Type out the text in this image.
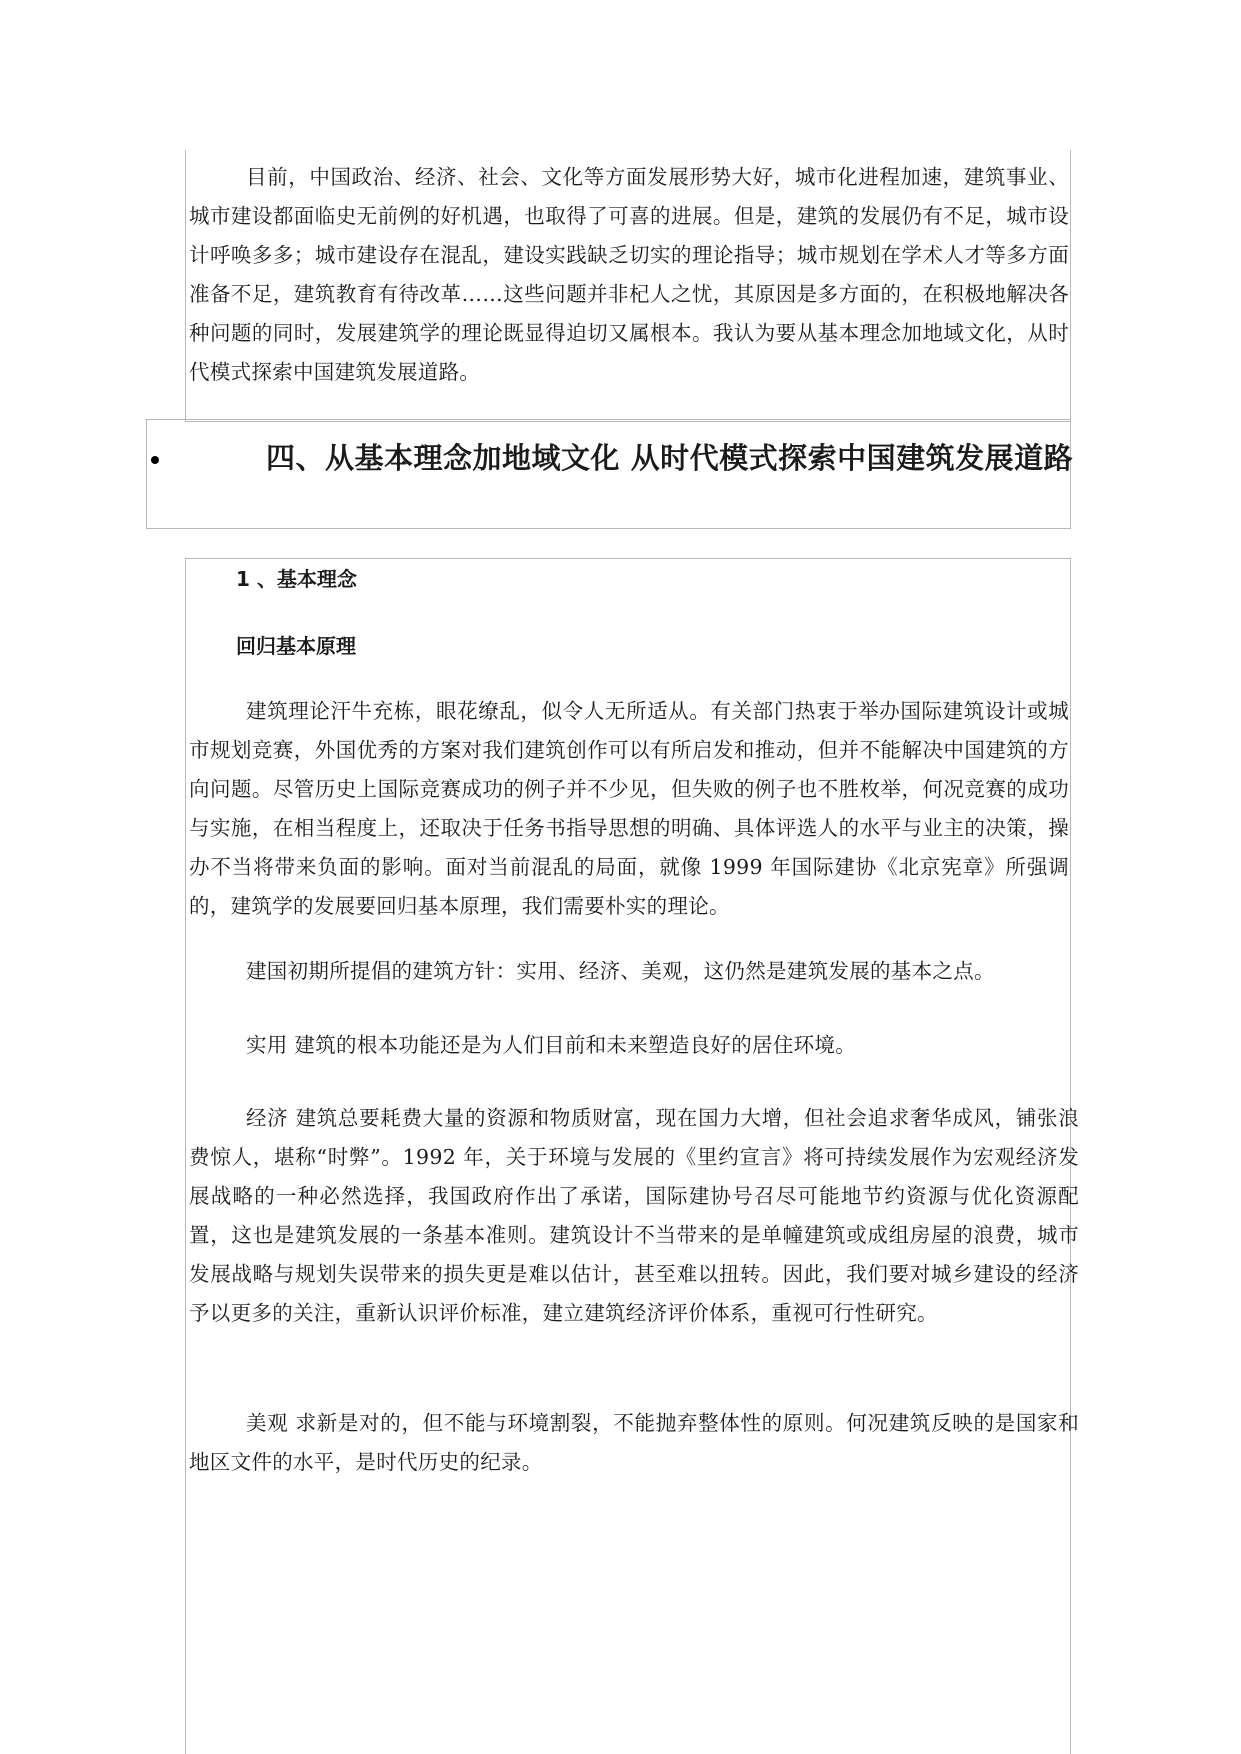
目前，中国政治、经济、社会、文化等方面发展形势大好，城市化进程加速，建筑事业、城市建设都面临史无前例的好机遇，也取得了可喜的进展。但是，建筑的发展仍有不足，城市设计呼唤多多；城市建设存在混乱，建设实践缺乏切实的理论指导；城市规划在学术人才等多方面准备不足，建筑教育有待改革……这些问题并非杞人之忧，其原因是多方面的，在积极地解决各种问题的同时，发展建筑学的理论既显得迫切又属根本。我认为要从基本理念加地域文化，从时代模式探索中国建筑发展道路。

四、从基本理念加地域文化 从时代模式探索中国建筑发展道路
1 、基本理念
回归基本原理

建筑理论汗牛充栋，眼花缭乱，似令人无所适从。有关部门热衷于举办国际建筑设计或城市规划竞赛，外国优秀的方案对我们建筑创作可以有所启发和推动，但并不能解决中国建筑的方向问题。尽管历史上国际竞赛成功的例子并不少见，但失败的例子也不胜枚举，何况竞赛的成功与实施，在相当程度上，还取决于任务书指导思想的明确、具体评选人的水平与业主的决策，操办不当将带来负面的影响。面对当前混乱的局面，就像 1999 年国际建协《北京宪章》所强调的，建筑学的发展要回归基本原理，我们需要朴实的理论。

建国初期所提倡的建筑方针：实用、经济、美观，这仍然是建筑发展的基本之点。

实用 建筑的根本功能还是为人们目前和未来塑造良好的居住环境。

经济 建筑总要耗费大量的资源和物质财富，现在国力大增，但社会追求奢华成风，铺张浪费惊人，堪称“时弊”。1992 年，关于环境与发展的《里约宣言》将可持续发展作为宏观经济发展战略的一种必然选择，我国政府作出了承诺，国际建协号召尽可能地节约资源与优化资源配置，这也是建筑发展的一条基本准则。建筑设计不当带来的是单幢建筑或成组房屋的浪费，城市发展战略与规划失误带来的损失更是难以估计，甚至难以扭转。因此，我们要对城乡建设的经济予以更多的关注，重新认识评价标准，建立建筑经济评价体系，重视可行性研究。

美观 求新是对的，但不能与环境割裂，不能抛弃整体性的原则。何况建筑反映的是国家和地区文件的水平，是时代历史的纪录。
